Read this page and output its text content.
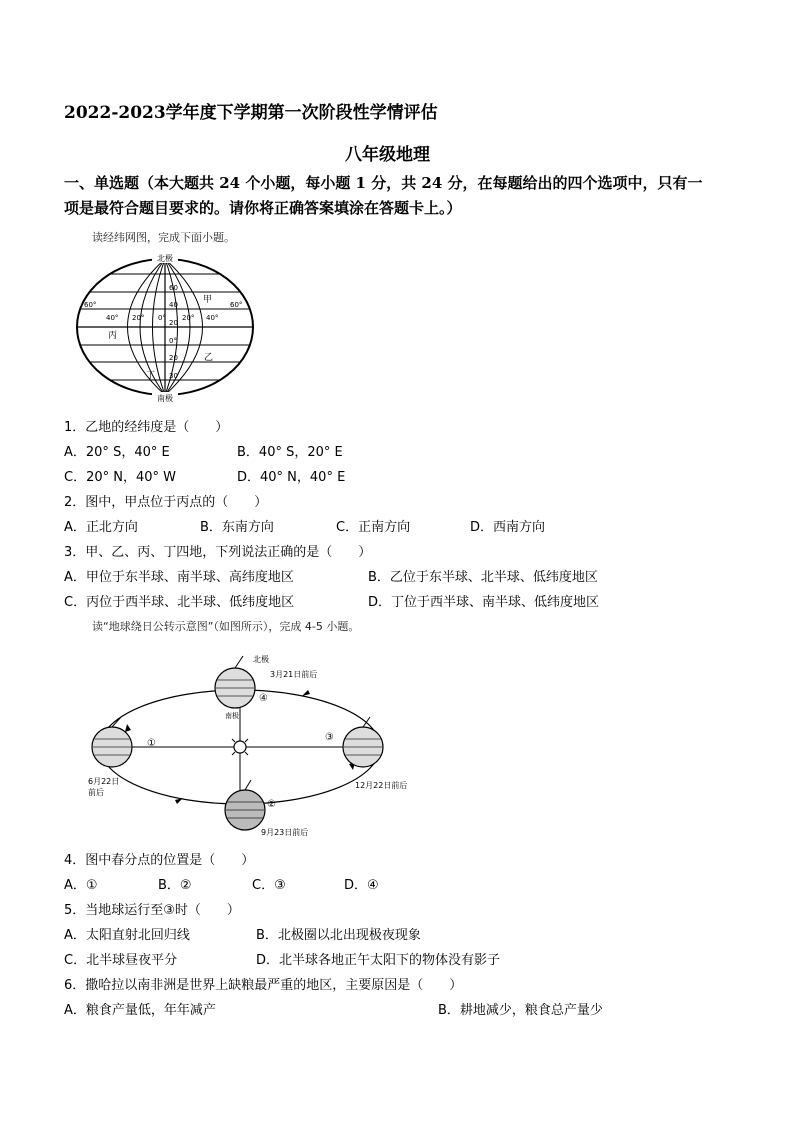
2022-2023学年度下学期第一次阶段性学情评估
八年级地理
一、单选题（本大题共 24 个小题，每小题 1 分，共 24 分，在每题给出的四个选项中，只有一
项是最符合题目要求的。请你将正确答案填涂在答题卡上。）
读经纬网图，完成下面小题。
北极
南极
60
40
20
0°
20
30
60°
40° 20° 0° 20° 40°
60°
甲
丙
乙
丁
1．乙地的经纬度是（　　）
A．20° S，40° E	B．40° S，20° E
C．20° N，40° W	D．40° N，40° E
2．图中，甲点位于丙点的（　　）
A．正北方向	B．东南方向	C．正南方向	D．西南方向
3．甲、乙、丙、丁四地，下列说法正确的是（　　）
A．甲位于东半球、南半球、高纬度地区	B．乙位于东半球、北半球、低纬度地区
C．丙位于西半球、北半球、低纬度地区	D．丁位于西半球、南半球、低纬度地区
读“地球绕日公转示意图”（如图所示），完成 4-5 小题。
北极
南极
3月21日前后
④
①
6月22日
前后
②
9月23日前后
③
12月22日前后
4．图中春分点的位置是（　　）
A．①	B．②	C．③	D．④
5．当地球运行至③时（　　）
A．太阳直射北回归线	B．北极圈以北出现极夜现象
C．北半球昼夜平分	D．北半球各地正午太阳下的物体没有影子
6．撒哈拉以南非洲是世界上缺粮最严重的地区，主要原因是（　　）
A．粮食产量低，年年减产	B．耕地减少，粮食总产量少
